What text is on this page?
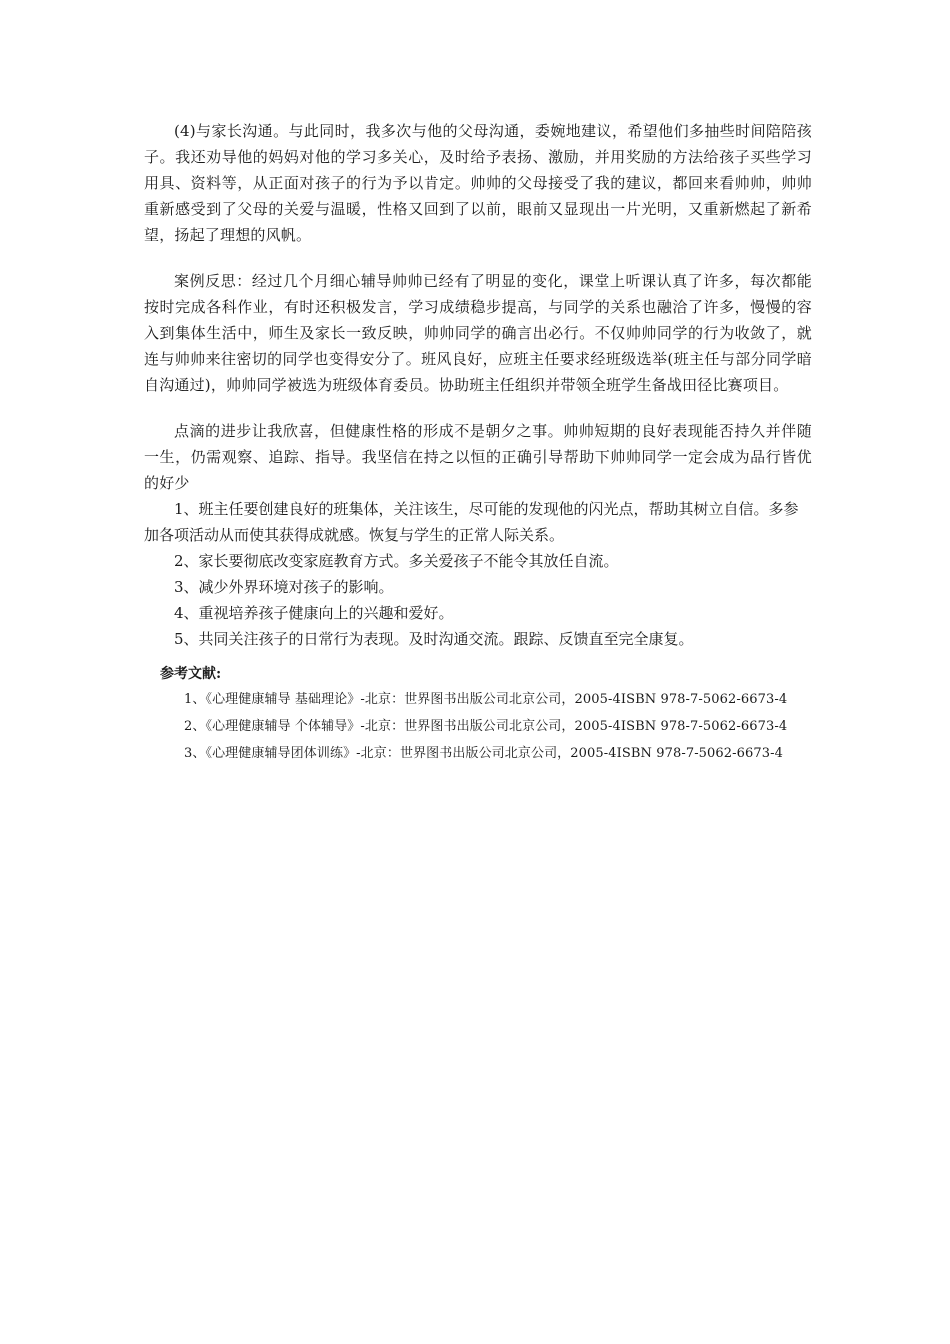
(4)与家长沟通。与此同时，我多次与他的父母沟通，委婉地建议，希望他们多抽些时间陪陪孩子。我还劝导他的妈妈对他的学习多关心，及时给予表扬、激励，并用奖励的方法给孩子买些学习用具、资料等，从正面对孩子的行为予以肯定。帅帅的父母接受了我的建议，都回来看帅帅，帅帅重新感受到了父母的关爱与温暖，性格又回到了以前，眼前又显现出一片光明，又重新燃起了新希望，扬起了理想的风帆。

案例反思：经过几个月细心辅导帅帅已经有了明显的变化，课堂上听课认真了许多，每次都能按时完成各科作业，有时还积极发言，学习成绩稳步提高，与同学的关系也融洽了许多，慢慢的容入到集体生活中，师生及家长一致反映，帅帅同学的确言出必行。不仅帅帅同学的行为收敛了，就连与帅帅来往密切的同学也变得安分了。班风良好，应班主任要求经班级选举(班主任与部分同学暗自沟通过)，帅帅同学被选为班级体育委员。协助班主任组织并带领全班学生备战田径比赛项目。

点滴的进步让我欣喜，但健康性格的形成不是朝夕之事。帅帅短期的良好表现能否持久并伴随一生，仍需观察、追踪、指导。我坚信在持之以恒的正确引导帮助下帅帅同学一定会成为品行皆优的好少

1、班主任要创建良好的班集体，关注该生，尽可能的发现他的闪光点，帮助其树立自信。多参加各项活动从而使其获得成就感。恢复与学生的正常人际关系。

2、家长要彻底改变家庭教育方式。多关爱孩子不能令其放任自流。

3、减少外界环境对孩子的影响。

4、重视培养孩子健康向上的兴趣和爱好。

5、共同关注孩子的日常行为表现。及时沟通交流。跟踪、反馈直至完全康复。

参考文献:

1、《心理健康辅导 基础理论》-北京：世界图书出版公司北京公司，2005-4ISBN 978-7-5062-6673-4

2、《心理健康辅导 个体辅导》-北京：世界图书出版公司北京公司，2005-4ISBN 978-7-5062-6673-4

3、《心理健康辅导团体训练》-北京：世界图书出版公司北京公司，2005-4ISBN 978-7-5062-6673-4
